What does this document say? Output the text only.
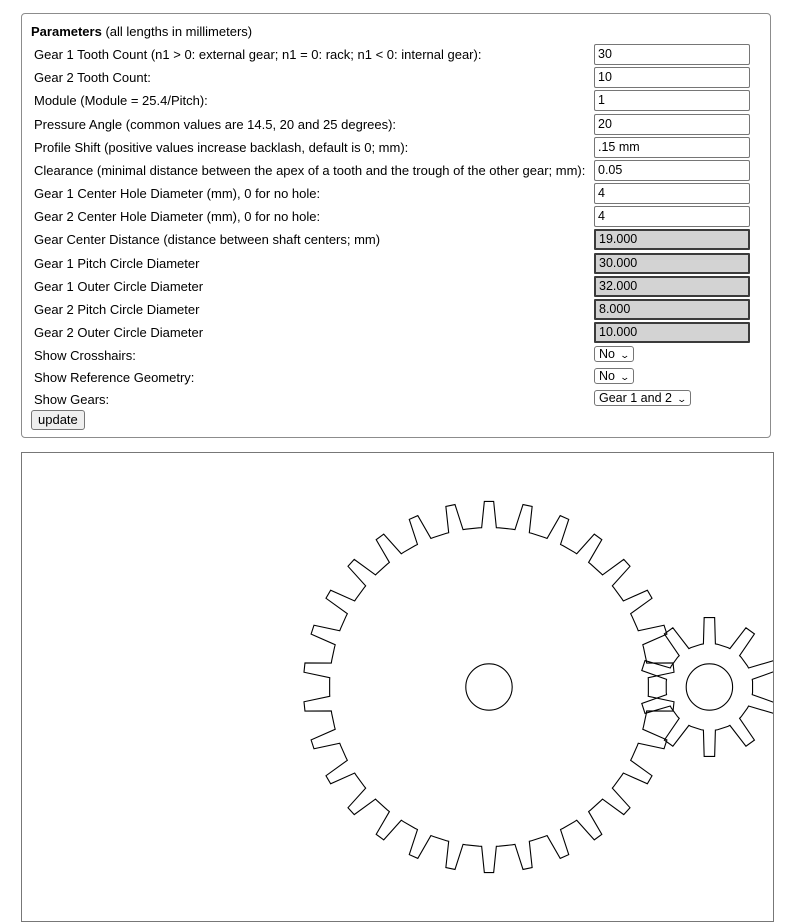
Parameters (all lengths in millimeters)
Gear 1 Tooth Count (n1 > 0: external gear; n1 = 0: rack; n1 < 0: internal gear):	30
Gear 2 Tooth Count:	10
Module (Module = 25.4/Pitch):	1
Pressure Angle (common values are 14.5, 20 and 25 degrees):	20
Profile Shift (positive values increase backlash, default is 0; mm):	.15 mm
Clearance (minimal distance between the apex of a tooth and the trough of the other gear; mm):	0.05
Gear 1 Center Hole Diameter (mm), 0 for no hole:	4
Gear 2 Center Hole Diameter (mm), 0 for no hole:	4
Gear Center Distance (distance between shaft centers; mm)	19.000
Gear 1 Pitch Circle Diameter	30.000
Gear 1 Outer Circle Diameter	32.000
Gear 2 Pitch Circle Diameter	8.000
Gear 2 Outer Circle Diameter	10.000
Show Crosshairs:	No ⌄
Show Reference Geometry:	No ⌄
Show Gears:	Gear 1 and 2 ⌄
update
